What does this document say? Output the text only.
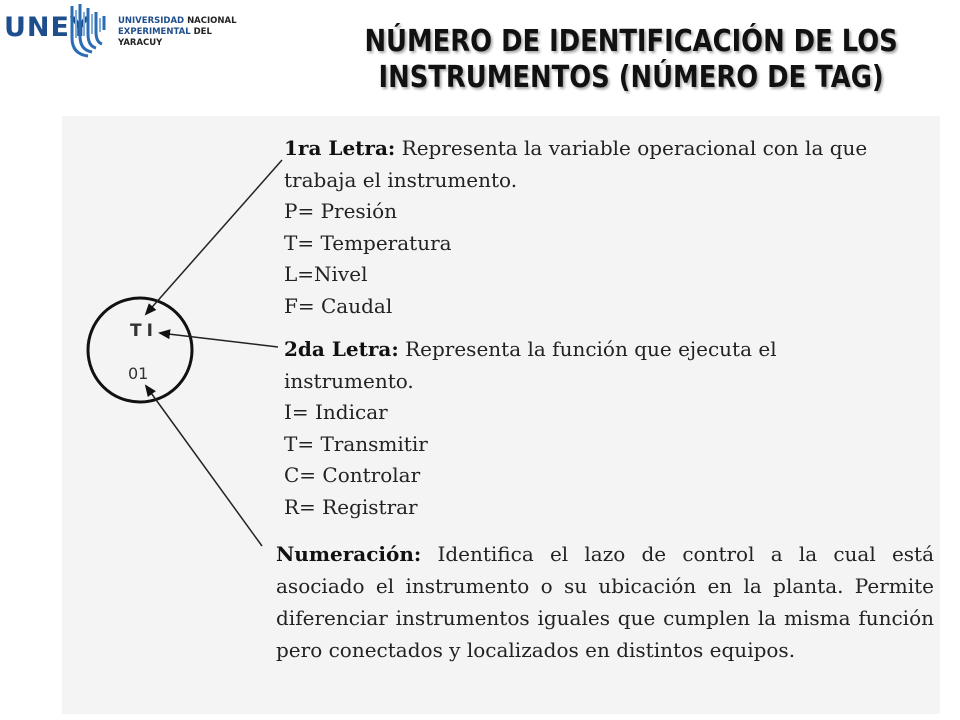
UNEY	UNIVERSIDAD NACIONAL
EXPERIMENTAL DEL YARACUY	NÚMERO DE IDENTIFICACIÓN DE LOS
INSTRUMENTOS (NÚMERO DE TAG)
TI
01
1ra Letra: Representa la variable operacional con la que
trabaja el instrumento.
P= Presión
T= Temperatura
L=Nivel
F= Caudal
2da Letra: Representa la función que ejecuta el
instrumento.
I= Indicar
T= Transmitir
C= Controlar
R= Registrar
Numeración: Identifica el lazo de control a la cual está asociado el instrumento o su ubicación en la planta. Permite diferenciar instrumentos iguales que cumplen la misma función pero conectados y localizados en distintos equipos.
